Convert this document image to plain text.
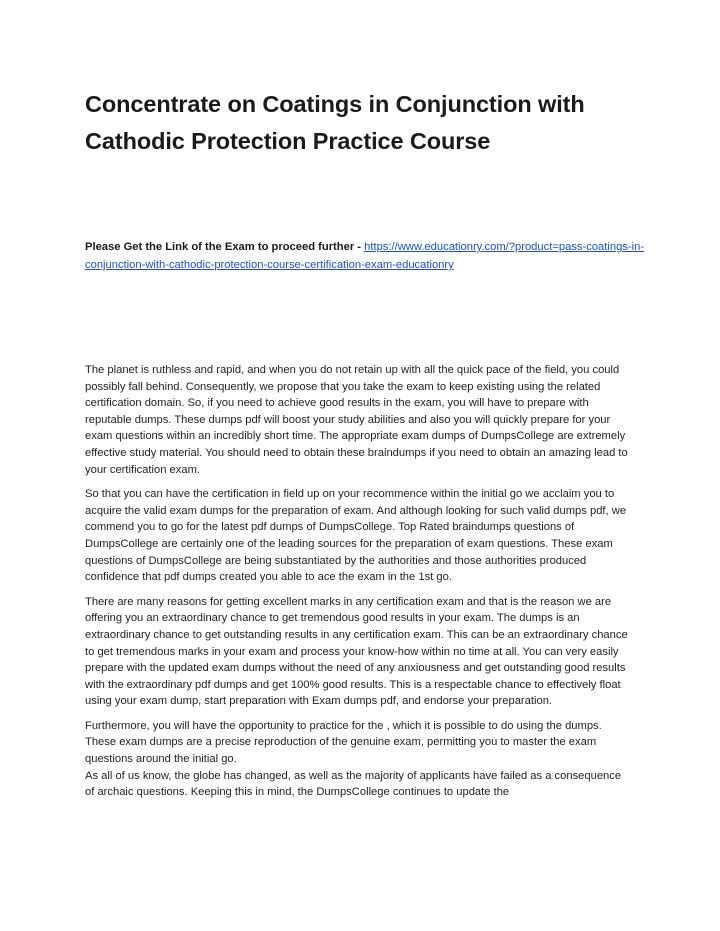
Concentrate on Coatings in Conjunction with Cathodic Protection Practice Course

Please Get the Link of the Exam to proceed further - https://www.educationry.com/?product=pass-coatings-in-conjunction-with-cathodic-protection-course-certification-exam-educationry

The planet is ruthless and rapid, and when you do not retain up with all the quick pace of the field, you could possibly fall behind. Consequently, we propose that you take the exam to keep existing using the related certification domain. So, if you need to achieve good results in the exam, you will have to prepare with reputable dumps. These dumps pdf will boost your study abilities and also you will quickly prepare for your exam questions within an incredibly short time. The appropriate exam dumps of DumpsCollege are extremely effective study material. You should need to obtain these braindumps if you need to obtain an amazing lead to your certification exam.

So that you can have the certification in field up on your recommence within the initial go we acclaim you to acquire the valid exam dumps for the preparation of exam. And although looking for such valid dumps pdf, we commend you to go for the latest pdf dumps of DumpsCollege. Top Rated braindumps questions of DumpsCollege are certainly one of the leading sources for the preparation of exam questions. These exam questions of DumpsCollege are being substantiated by the authorities and those authorities produced confidence that pdf dumps created you able to ace the exam in the 1st go.

There are many reasons for getting excellent marks in any certification exam and that is the reason we are offering you an extraordinary chance to get tremendous good results in your exam. The dumps is an extraordinary chance to get outstanding results in any certification exam. This can be an extraordinary chance to get tremendous marks in your exam and process your know-how within no time at all. You can very easily prepare with the updated exam dumps without the need of any anxiousness and get outstanding good results with the extraordinary pdf dumps and get 100% good results. This is a respectable chance to effectively float using your exam dump, start preparation with Exam dumps pdf, and endorse your preparation.

Furthermore, you will have the opportunity to practice for the , which it is possible to do using the dumps. These exam dumps are a precise reproduction of the genuine exam, permitting you to master the exam questions around the initial go.
As all of us know, the globe has changed, as well as the majority of applicants have failed as a consequence of archaic questions. Keeping this in mind, the DumpsCollege continues to update the
